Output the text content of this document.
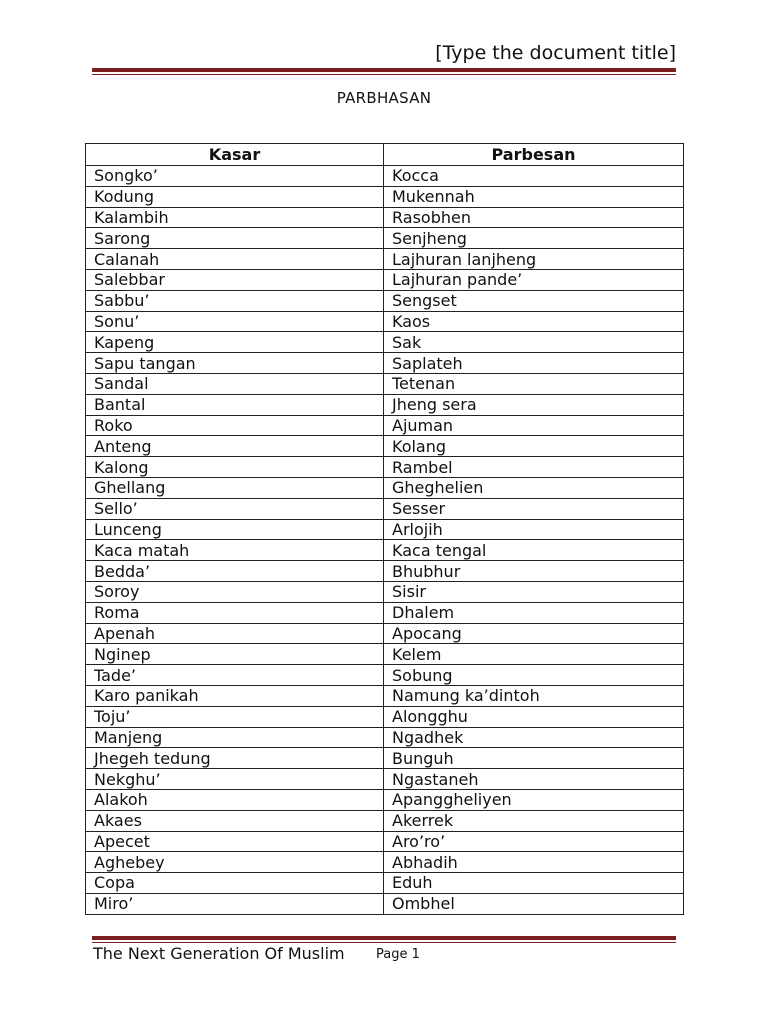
[Type the document title]
PARBHASAN
Kasar	Parbesan
Songko’	Kocca
Kodung	Mukennah
Kalambih	Rasobhen
Sarong	Senjheng
Calanah	Lajhuran lanjheng
Salebbar	Lajhuran pande’
Sabbu’	Sengset
Sonu’	Kaos
Kapeng	Sak
Sapu tangan	Saplateh
Sandal	Tetenan
Bantal	Jheng sera
Roko	Ajuman
Anteng	Kolang
Kalong	Rambel
Ghellang	Gheghelien
Sello’	Sesser
Lunceng	Arlojih
Kaca matah	Kaca tengal
Bedda’	Bhubhur
Soroy	Sisir
Roma	Dhalem
Apenah	Apocang
Nginep	Kelem
Tade’	Sobung
Karo panikah	Namung ka’dintoh
Toju’	Alongghu
Manjeng	Ngadhek
Jhegeh tedung	Bunguh
Nekghu’	Ngastaneh
Alakoh	Apanggheliyen
Akaes	Akerrek
Apecet	Aro’ro’
Aghebey	Abhadih
Copa	Eduh
Miro’	Ombhel
The Next Generation Of Muslim Page 1
